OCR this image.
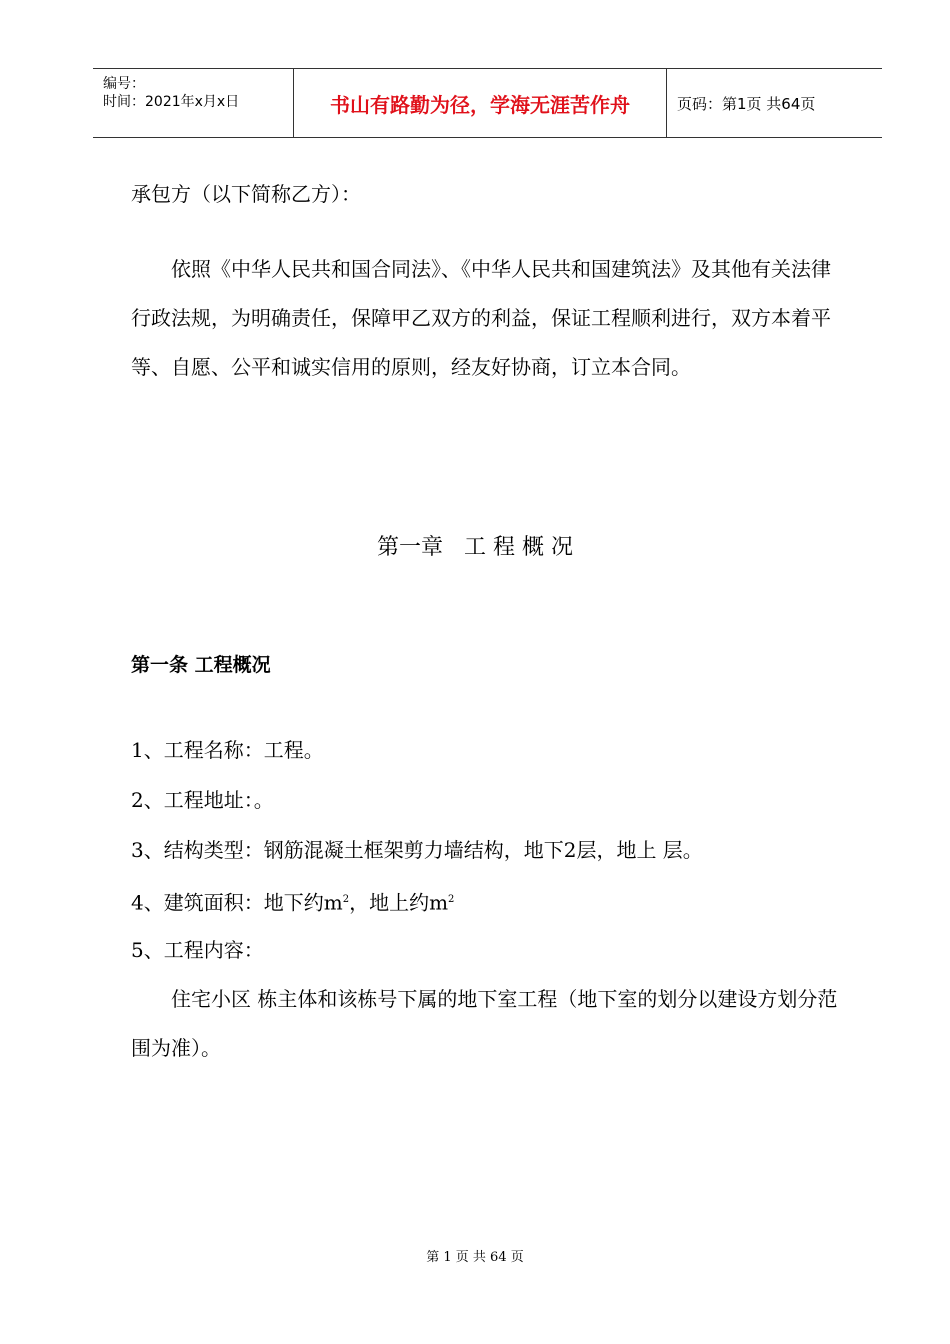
编号：
时间：2021年x月x日	书山有路勤为径，学海无涯苦作舟	页码：第1页 共64页
承包方（以下简称乙方）：
依照《中华人民共和国合同法》、《中华人民共和国建筑法》及其他有关法律行政法规，为明确责任，保障甲乙双方的利益，保证工程顺利进行，双方本着平等、自愿、公平和诚实信用的原则，经友好协商，订立本合同。
第一章   工 程 概 况
第一条 工程概况
1、工程名称：工程。
2、工程地址：。
3、结构类型：钢筋混凝土框架剪力墙结构，地下2层，地上 层。
4、建筑面积：地下约$m^2$，地上约$m^2$
5、工程内容：
住宅小区 栋主体和该栋号下属的地下室工程（地下室的划分以建设方划分范围为准）。
第 1 页 共 64 页
